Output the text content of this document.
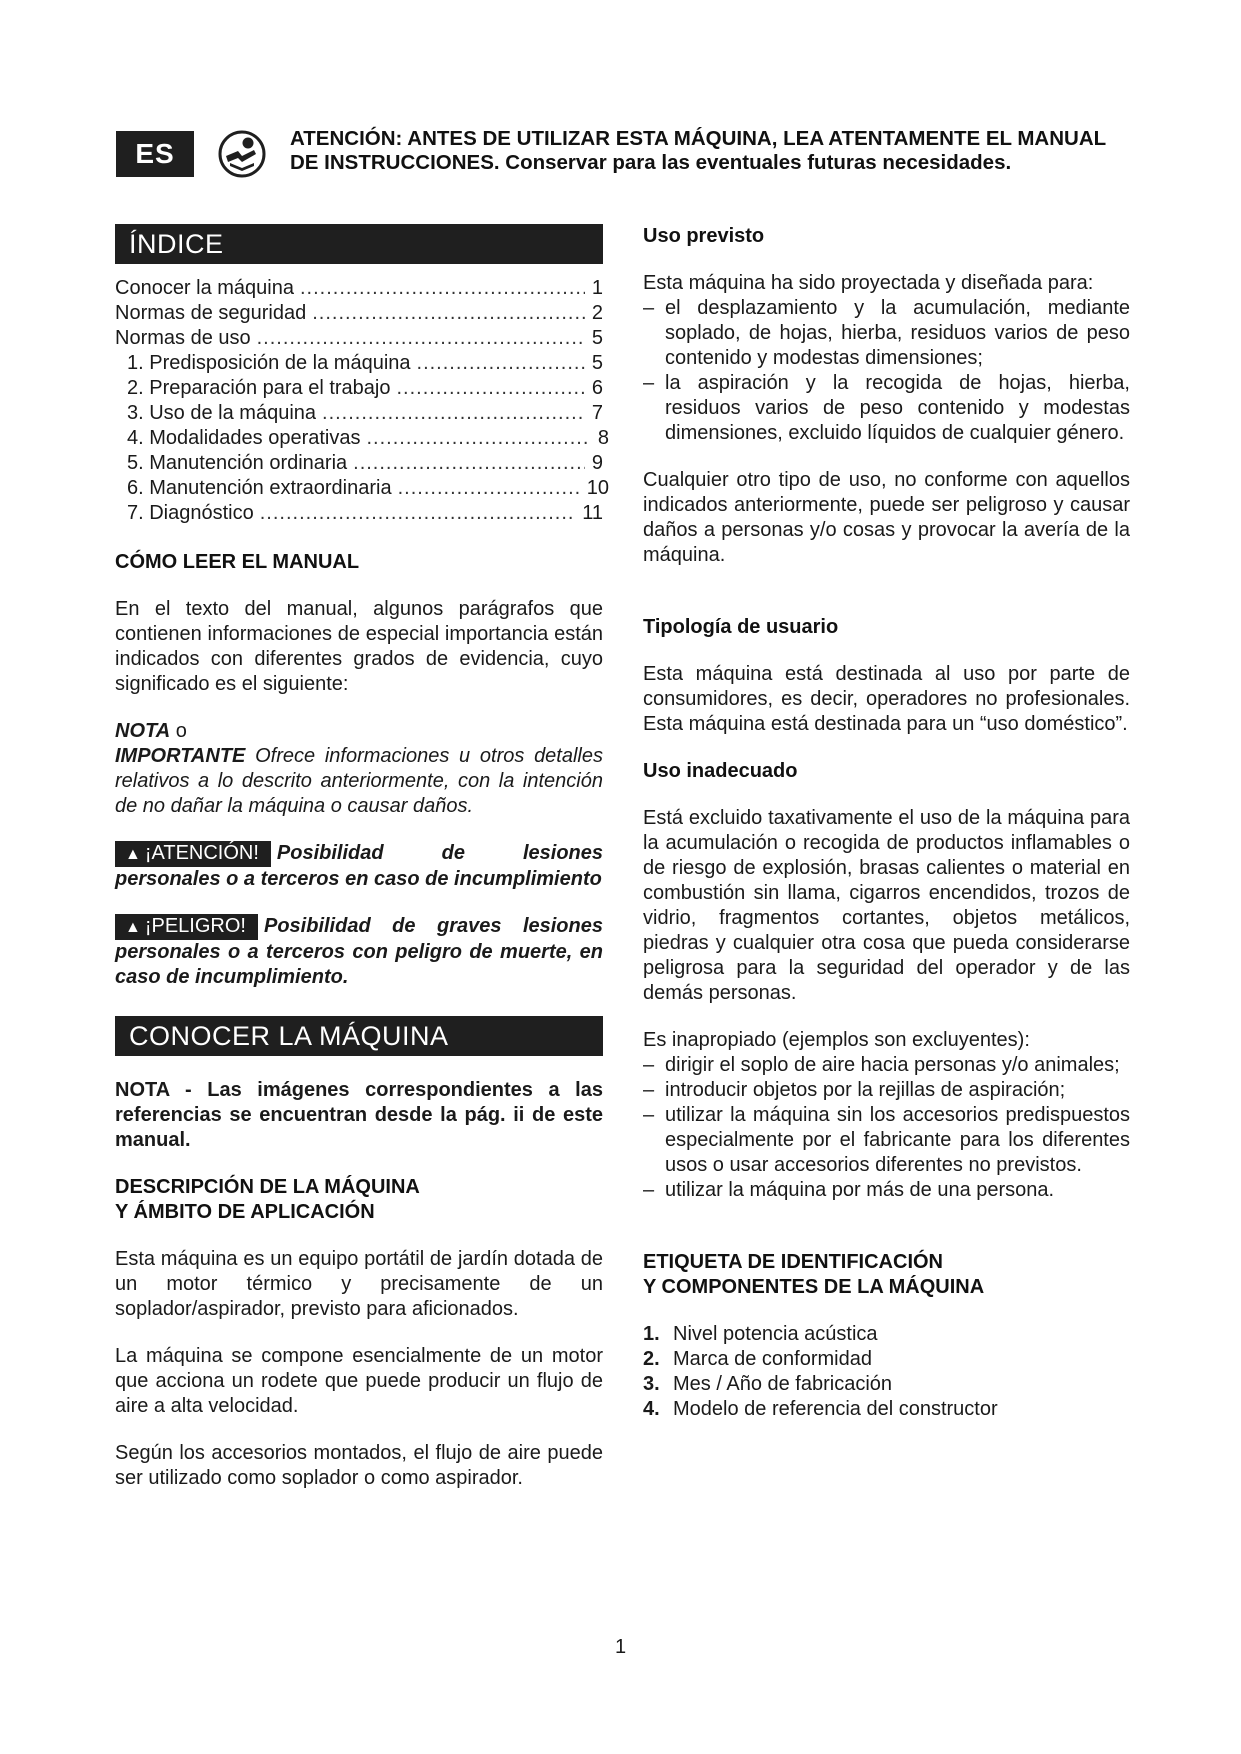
ES	ATENCIÓN: ANTES DE UTILIZAR ESTA MÁQUINA, LEA ATENTAMENTE EL MANUAL
DE INSTRUCCIONES. Conservar para las eventuales futuras necesidades.
ÍNDICE
Conocer la máquina .....	1
Normas de seguridad .....	2
Normas de uso .....	5
1. Predisposición de la máquina .....	5
2. Preparación para el trabajo .....	6
3. Uso de la máquina .....	7
4. Modalidades operativas .....	8
5. Manutención ordinaria .....	9
6. Manutención extraordinaria .....	10
7. Diagnóstico .....	11
CÓMO LEER EL MANUAL

En el texto del manual, algunos parágrafos que contienen informaciones de especial importancia están indicados con diferentes grados de evidencia, cuyo significado es el siguiente:

NOTA o
IMPORTANTE Ofrece informaciones u otros detalles relativos a lo descrito anteriormente, con la intención de no dañar la máquina o causar daños.

▲ ¡ATENCIÓN! Posibilidad de lesiones personales o a terceros en caso de incumplimiento

▲ ¡PELIGRO! Posibilidad de graves lesiones personales o a terceros con peligro de muerte, en caso de incumplimiento.

CONOCER LA MÁQUINA

NOTA - Las imágenes correspondientes a las referencias se encuentran desde la pág. ii de este manual.

DESCRIPCIÓN DE LA MÁQUINA
Y ÁMBITO DE APLICACIÓN

Esta máquina es un equipo portátil de jardín dotada de un motor térmico y precisamente de un soplador/aspirador, previsto para aficionados.

La máquina se compone esencialmente de un motor que acciona un rodete que puede producir un flujo de aire a alta velocidad.

Según los accesorios montados, el flujo de aire puede ser utilizado como soplador o como aspirador.

Uso previsto

Esta máquina ha sido proyectada y diseñada para:

– el desplazamiento y la acumulación, mediante soplado, de hojas, hierba, residuos varios de peso contenido y modestas dimensiones;
– la aspiración y la recogida de hojas, hierba, residuos varios de peso contenido y modestas dimensiones, excluido líquidos de cualquier género.

Cualquier otro tipo de uso, no conforme con aquellos indicados anteriormente, puede ser peligroso y causar daños a personas y/o cosas y provocar la avería de la máquina.

Tipología de usuario

Esta máquina está destinada al uso por parte de consumidores, es decir, operadores no profesionales. Esta máquina está destinada para un “uso doméstico”.

Uso inadecuado

Está excluido taxativamente el uso de la máquina para la acumulación o recogida de productos inflamables o de riesgo de explosión, brasas calientes o material en combustión sin llama, cigarros encendidos, trozos de vidrio, fragmentos cortantes, objetos metálicos, piedras y cualquier otra cosa que pueda considerarse peligrosa para la seguridad del operador y de las demás personas.

Es inapropiado (ejemplos son excluyentes):

– dirigir el soplo de aire hacia personas y/o animales;
– introducir objetos por la rejillas de aspiración;
– utilizar la máquina sin los accesorios predispuestos especialmente por el fabricante para los diferentes usos o usar accesorios diferentes no previstos.
– utilizar la máquina por más de una persona.
ETIQUETA DE IDENTIFICACIÓN
Y COMPONENTES DE LA MÁQUINA
1. Nivel potencia acústica
2. Marca de conformidad
3. Mes / Año de fabricación
4. Modelo de referencia del constructor
1
